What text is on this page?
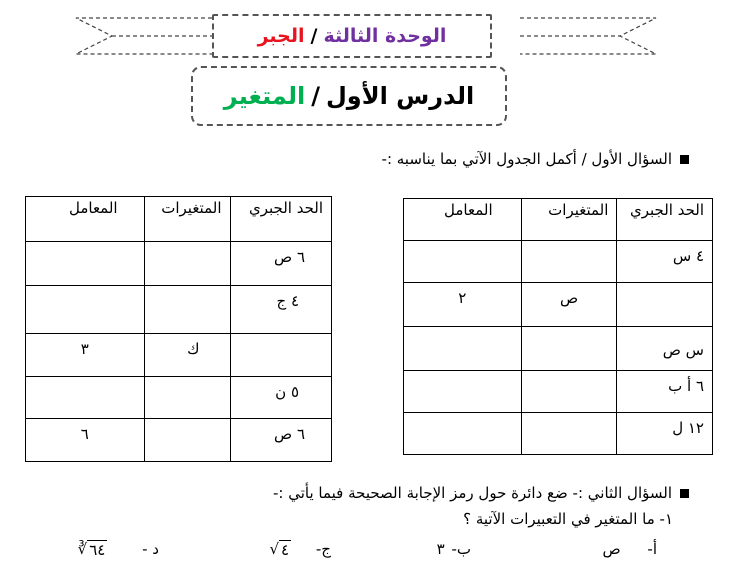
الوحدة الثالثة
/
الجبر
الدرس الأول
/
المتغير
السؤال الأول / أكمل الجدول الآتي بما يناسبه :-
الحد الجبري	المتغيرات	المعامل
٤ س		
	ص	٢
س ص		
٦ أ ب		
١٢ ل		
الحد الجبري	المتغيرات	المعامل
٦ ص		
٤ ج		
	ك	٣
٥ ن		
٦ ص		٦
السؤال الثاني :- ضع دائرة حول رمز الإجابة الصحيحة فيما يأتي :-
١- ما المتغير في التعبيرات الآتية ؟
أ- ص
ب- ٣
ج-
√ ٤
د -
∛ ٦٤
